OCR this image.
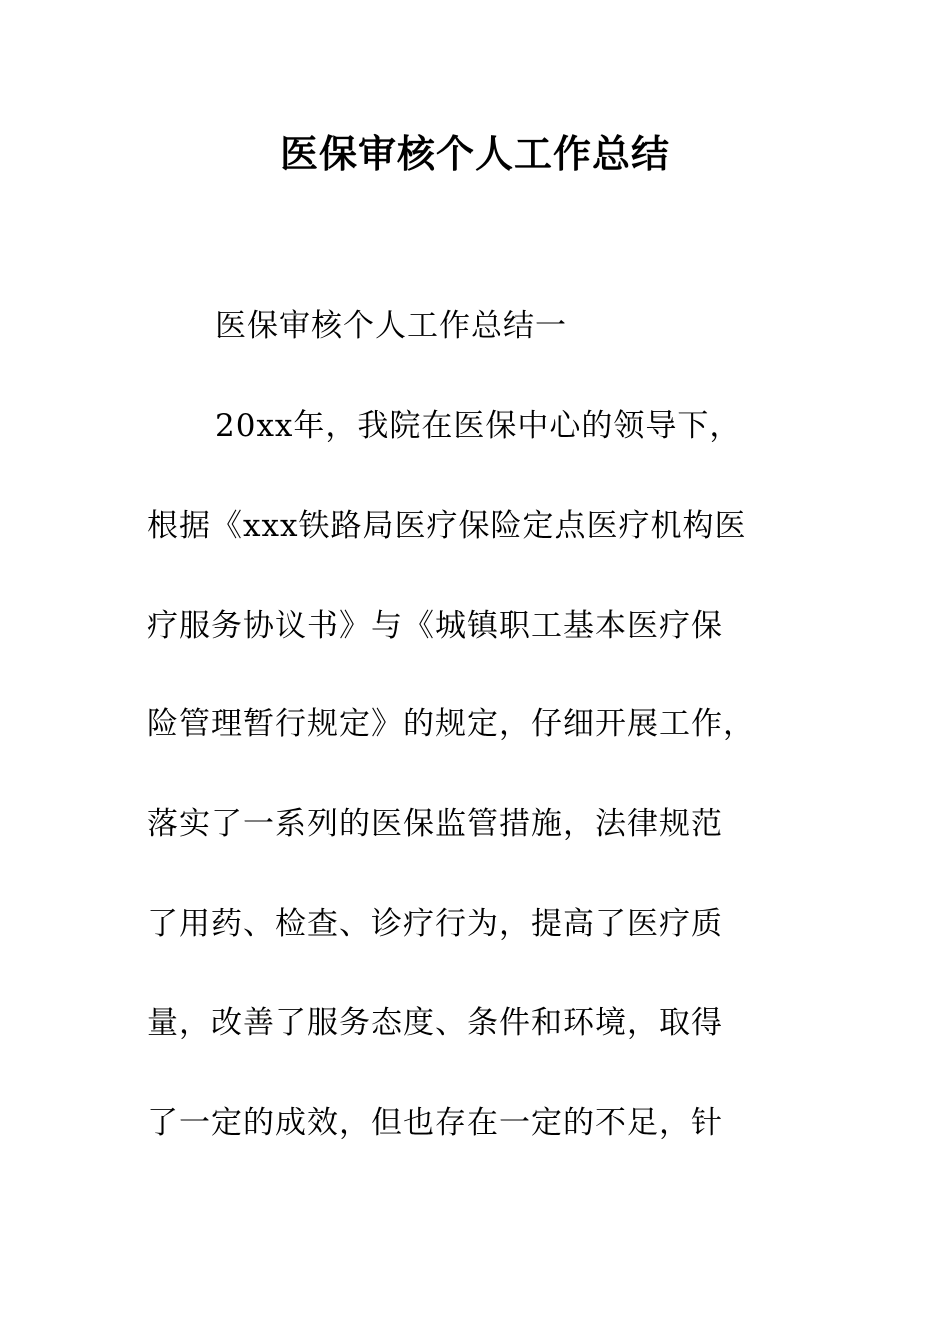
医保审核个人工作总结
医保审核个人工作总结一
20xx年，我院在医保中心的领导下，
根据《xxx铁路局医疗保险定点医疗机构医
疗服务协议书》与《城镇职工基本医疗保
险管理暂行规定》的规定，仔细开展工作，
落实了一系列的医保监管措施，法律规范
了用药、检查、诊疗行为，提高了医疗质
量，改善了服务态度、条件和环境，取得
了一定的成效，但也存在一定的不足，针
